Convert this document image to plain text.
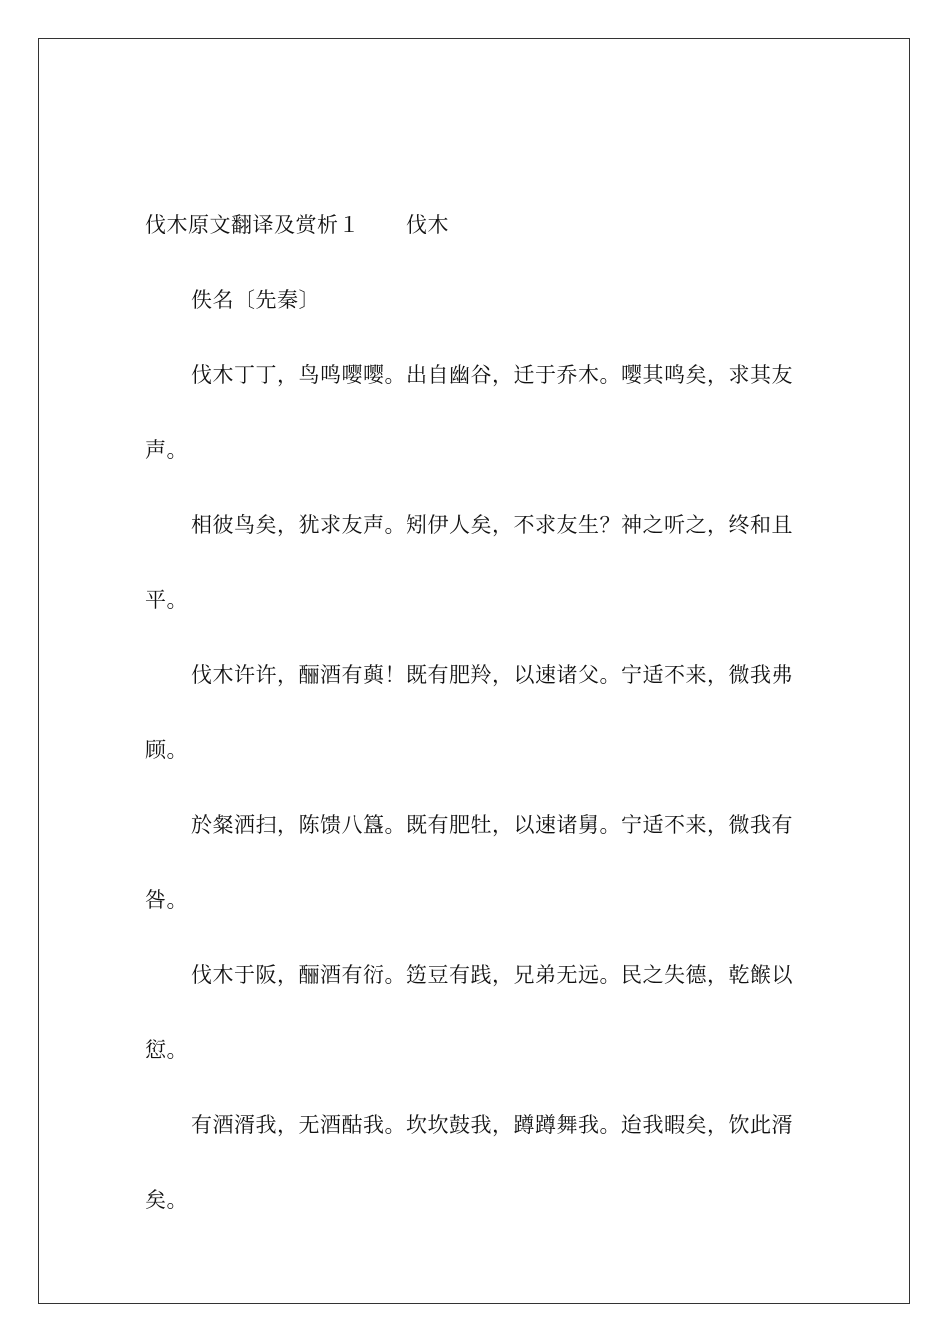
伐木原文翻译及赏析１ 伐木

佚名〔先秦〕

伐木丁丁，鸟鸣嘤嘤。出自幽谷，迁于乔木。嘤其鸣矣，求其友声。

相彼鸟矣，犹求友声。矧伊人矣，不求友生？神之听之，终和且平。

伐木许许，酾酒有藇！既有肥羚，以速诸父。宁适不来，微我弗顾。

於粲洒扫，陈馈八簋。既有肥牡，以速诸舅。宁适不来，微我有咎。

伐木于阪，酾酒有衍。笾豆有践，兄弟无远。民之失德，乾餱以愆。

有酒湑我，无酒酤我。坎坎鼓我，蹲蹲舞我。迨我暇矣，饮此湑矣。
